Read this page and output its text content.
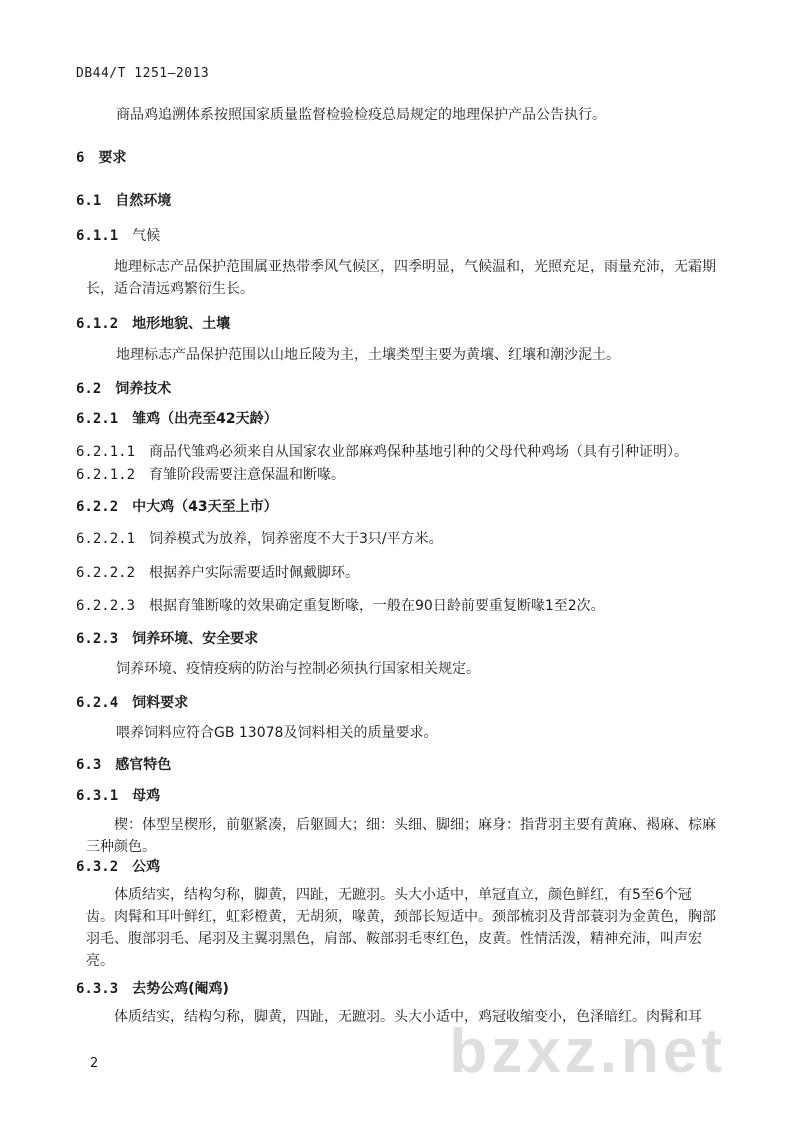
DB44/T 1251—2013
商品鸡追溯体系按照国家质量监督检验检疫总局规定的地理保护产品公告执行。
6 要求
6.1 自然环境
6.1.1 气候
地理标志产品保护范围属亚热带季风气候区，四季明显，气候温和，光照充足，雨量充沛，无霜期长，适合清远鸡繁衍生长。
6.1.2 地形地貌、土壤
地理标志产品保护范围以山地丘陵为主，土壤类型主要为黄壤、红壤和潮沙泥土。
6.2 饲养技术
6.2.1 雏鸡（出壳至42天龄）
6.2.1.1 商品代雏鸡必须来自从国家农业部麻鸡保种基地引种的父母代种鸡场（具有引种证明）。
6.2.1.2 育雏阶段需要注意保温和断喙。
6.2.2 中大鸡（43天至上市）
6.2.2.1 饲养模式为放养，饲养密度不大于3只/平方米。
6.2.2.2 根据养户实际需要适时佩戴脚环。
6.2.2.3 根据育雏断喙的效果确定重复断喙，一般在90日龄前要重复断喙1至2次。
6.2.3 饲养环境、安全要求
饲养环境、疫情疫病的防治与控制必须执行国家相关规定。
6.2.4 饲料要求
喂养饲料应符合GB 13078及饲料相关的质量要求。
6.3 感官特色
6.3.1 母鸡
楔：体型呈楔形，前躯紧凑，后躯圆大；细：头细、脚细；麻身：指背羽主要有黄麻、褐麻、棕麻三种颜色。
6.3.2 公鸡
体质结实，结构匀称，脚黄，四趾，无蹠羽。头大小适中，单冠直立，颜色鲜红，有5至6个冠齿。肉髯和耳叶鲜红，虹彩橙黄，无胡须，喙黄，颈部长短适中。颈部梳羽及背部蓑羽为金黄色，胸部羽毛、腹部羽毛、尾羽及主翼羽黑色，肩部、鞍部羽毛枣红色，皮黄。性情活泼，精神充沛，叫声宏亮。
6.3.3 去势公鸡(阉鸡)
体质结实，结构匀称，脚黄，四趾，无蹠羽。头大小适中，鸡冠收缩变小，色泽暗红。肉髯和耳
bzxz.net
2
